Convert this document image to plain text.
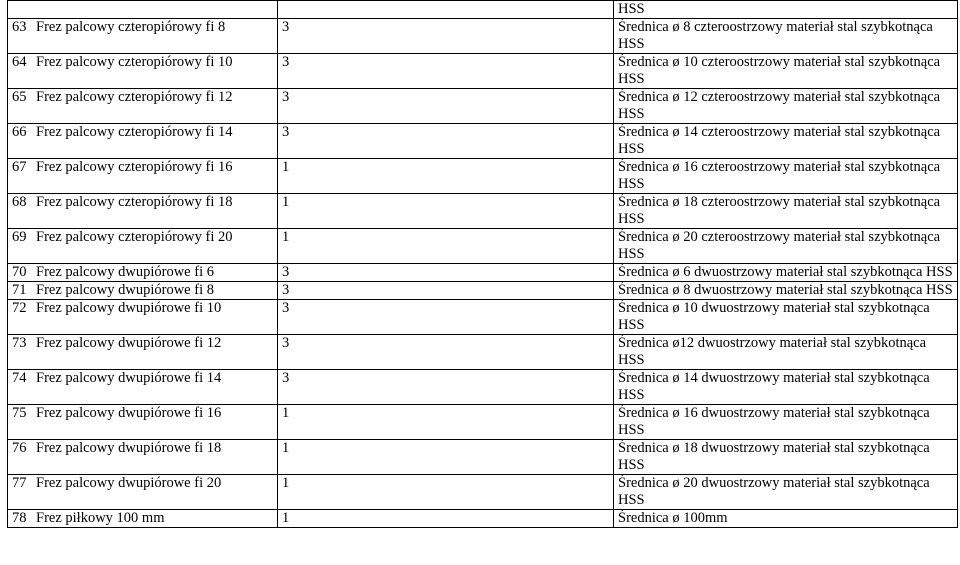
		HSS

63 Frez palcowy czteropiórowy fi 8	3	Średnica ø 8 czteroostrzowy materiał stal szybkotnąca HSS

64 Frez palcowy czteropiórowy fi 10	3	Średnica ø 10 czteroostrzowy materiał stal szybkotnąca HSS

65 Frez palcowy czteropiórowy fi 12	3	Średnica ø 12 czteroostrzowy materiał stal szybkotnąca HSS

66 Frez palcowy czteropiórowy fi 14	3	Średnica ø 14 czteroostrzowy materiał stal szybkotnąca HSS

67 Frez palcowy czteropiórowy fi 16	1	Średnica ø 16 czteroostrzowy materiał stal szybkotnąca HSS

68 Frez palcowy czteropiórowy fi 18	1	Średnica ø 18 czteroostrzowy materiał stal szybkotnąca HSS

69 Frez palcowy czteropiórowy fi 20	1	Średnica ø 20 czteroostrzowy materiał stal szybkotnąca HSS

70 Frez palcowy dwupiórowe fi 6	3	Średnica ø 6 dwuostrzowy materiał stal szybkotnąca HSS

71 Frez palcowy dwupiórowe fi 8	3	Średnica ø 8 dwuostrzowy materiał stal szybkotnąca HSS

72 Frez palcowy dwupiórowe fi 10	3	Średnica ø 10 dwuostrzowy materiał stal szybkotnąca HSS

73 Frez palcowy dwupiórowe fi 12	3	Średnica ø12 dwuostrzowy materiał stal szybkotnąca HSS

74 Frez palcowy dwupiórowe fi 14	3	Średnica ø 14 dwuostrzowy materiał stal szybkotnąca HSS

75 Frez palcowy dwupiórowe fi 16	1	Średnica ø 16 dwuostrzowy materiał stal szybkotnąca HSS

76 Frez palcowy dwupiórowe fi 18	1	Średnica ø 18 dwuostrzowy materiał stal szybkotnąca HSS

77 Frez palcowy dwupiórowe fi 20	1	Średnica ø 20 dwuostrzowy materiał stal szybkotnąca HSS

78 Frez piłkowy 100 mm	1	Średnica ø 100mm
